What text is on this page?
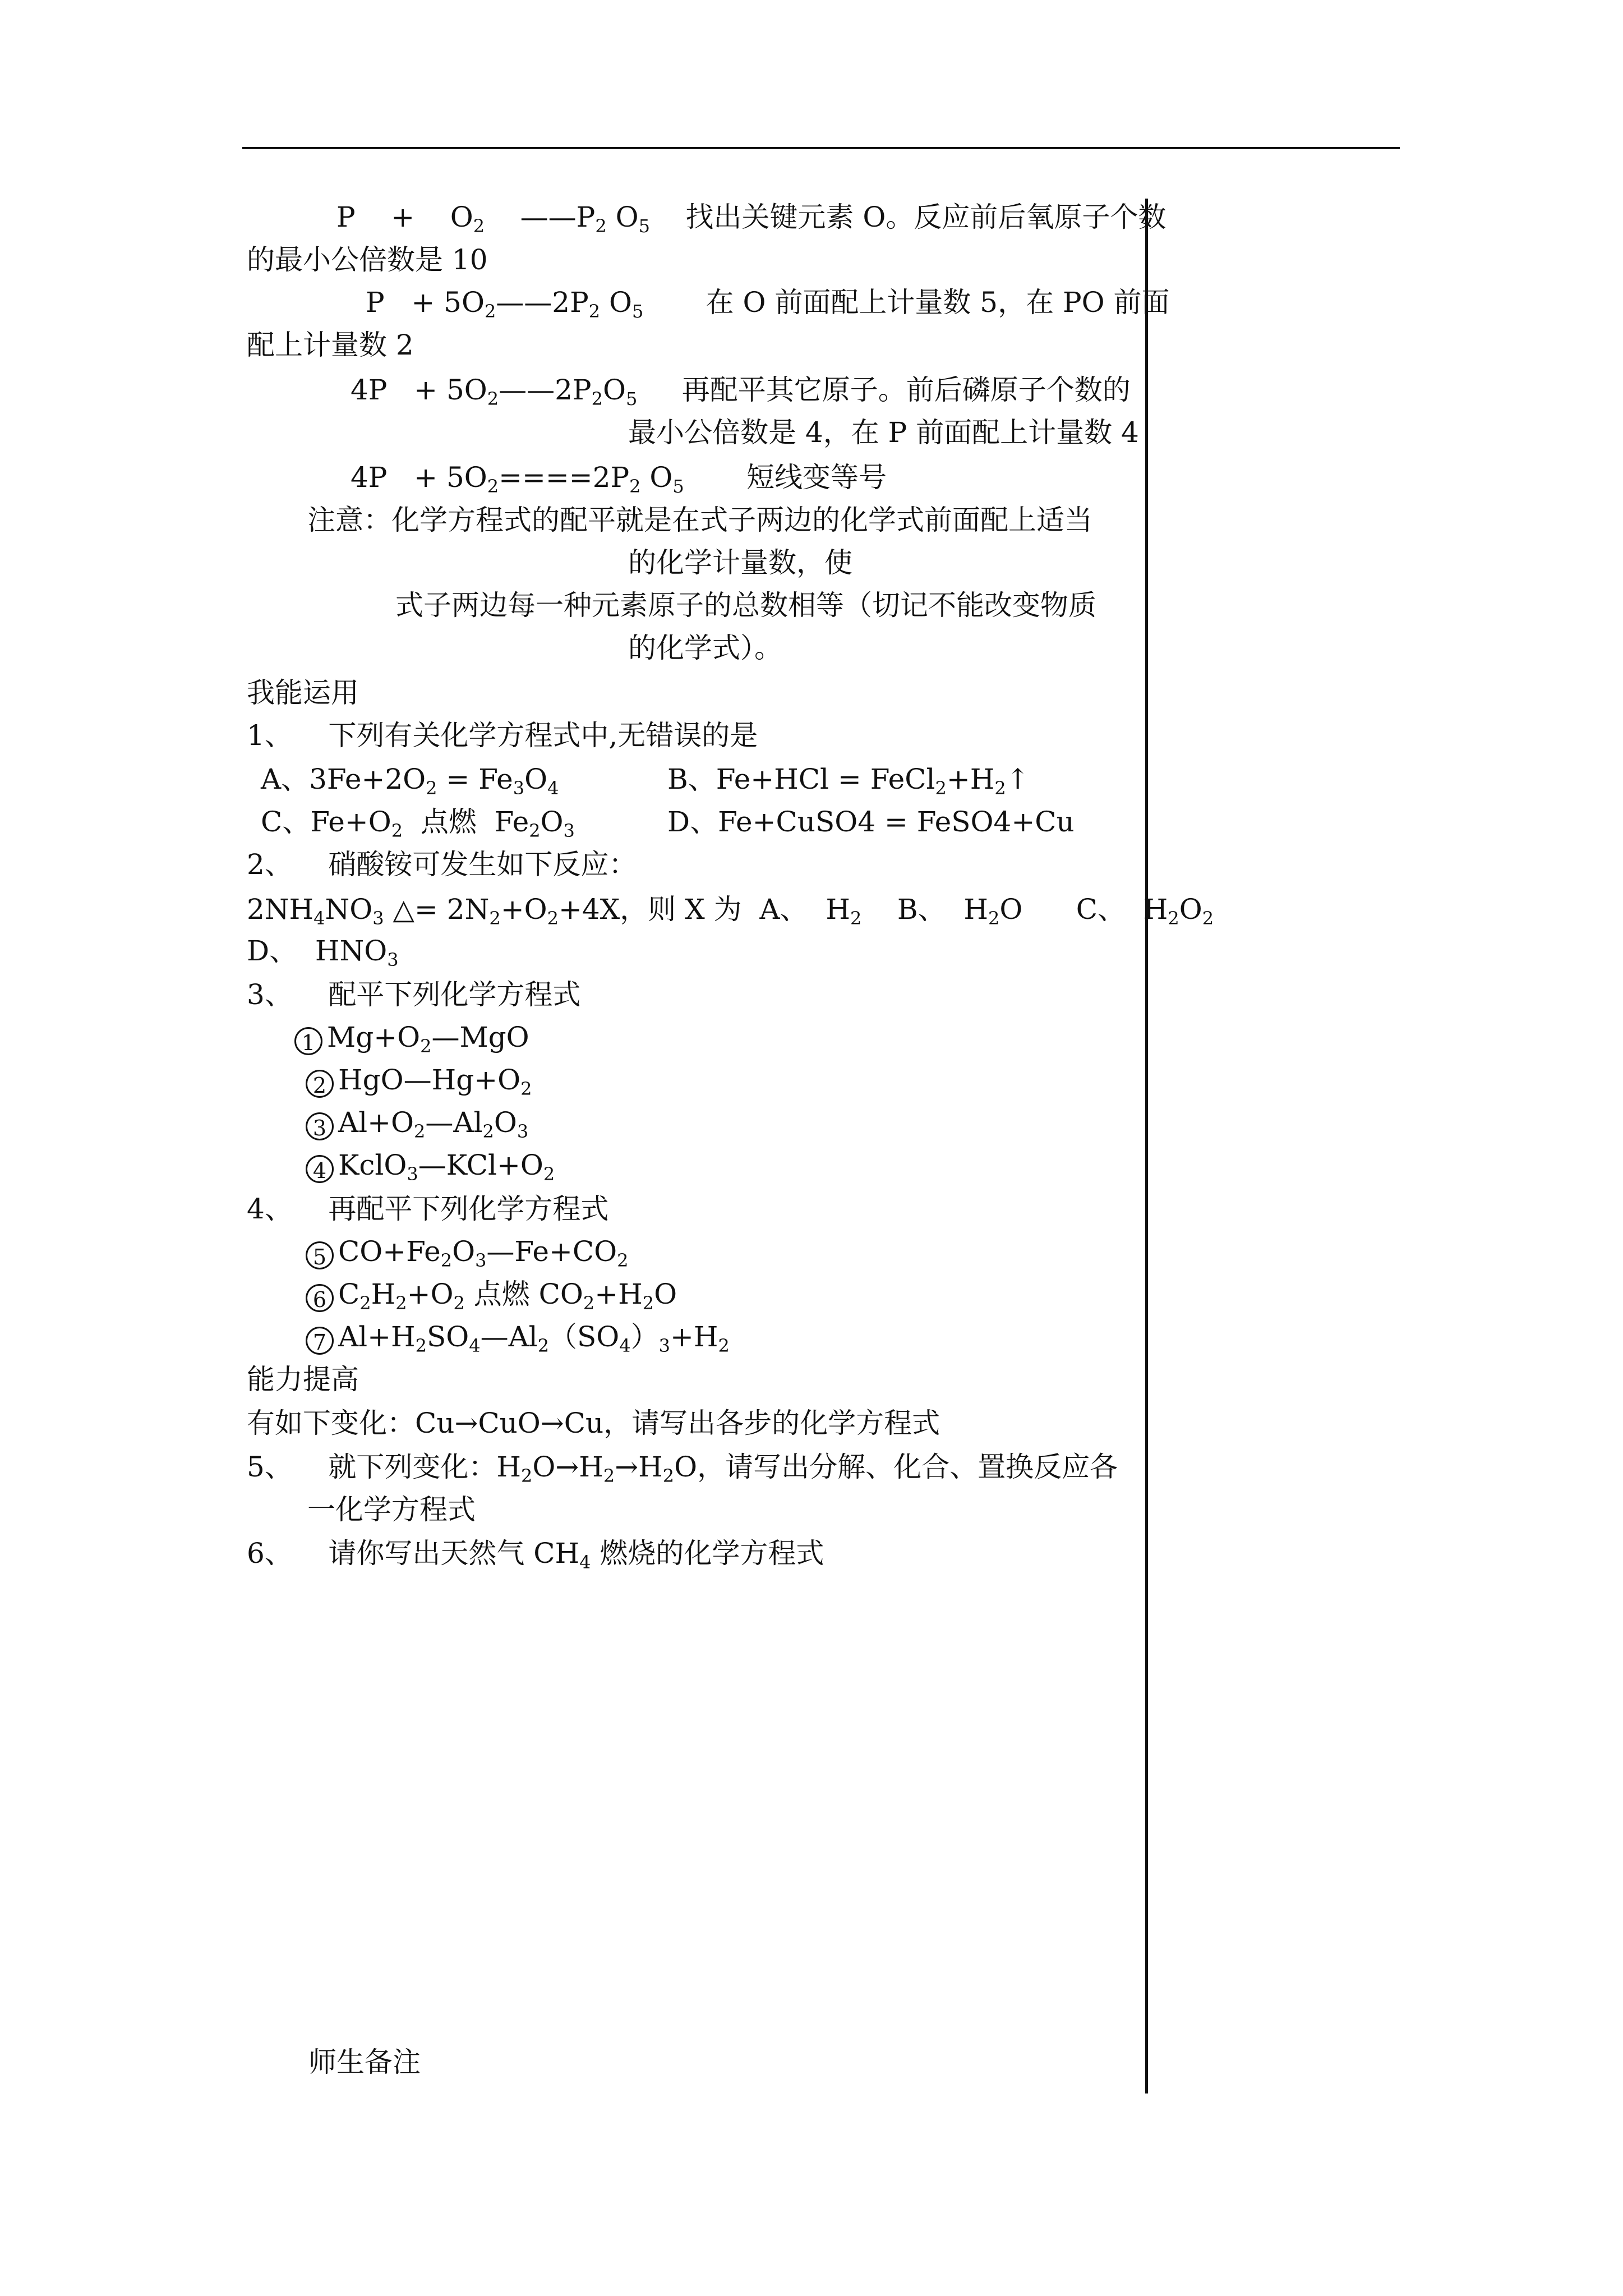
$P + O_2$ $——P_2$ $O_5$ 找出关键元素 O。反应前后氧原子个数
的最小公倍数是 10
$P + 5O_2——2P_2$ $O_5$ 在 O 前面配上计量数 5，在 PO 前面
配上计量数 2
$4P + 5O_2——2P_2O_5$ 再配平其它原子。前后磷原子个数的
最小公倍数是 4，在 P 前面配上计量数 4
$4P + 5O_2====2P_2$ $O_5$ 短线变等号
注意：化学方程式的配平就是在式子两边的化学式前面配上适当
的化学计量数，使
式子两边每一种元素原子的总数相等（切记不能改变物质
的化学式）。
我能运用
1、 下列有关化学方程式中,无错误的是
A、$3Fe+2O_2 = Fe_3O_4$	B、$Fe+HCl = FeCl_2+H_2↑$
C、$Fe+O_2$  点燃  $Fe_2O_3$	D、Fe+CuSO4 = FeSO4+Cu
2、 硝酸铵可发生如下反应：
$2NH_4NO_3$ △= $2N_2+O_2+4X$，则 X 为  A、  $H_2$    B、  $H_2O$      C、  $H_2O_2$
D、  $HNO_3$
3、 配平下列化学方程式
1 $Mg+O_2—MgO$
2 $HgO—Hg+O_2$
3 $Al+O_2—Al_2O_3$
4 $KclO_3—KCl+O_2$
4、 再配平下列化学方程式
5 $CO+Fe_2O_3—Fe+CO_2$
6 $C_2H_2+O_2$ 点燃 $CO_2+H_2O$
7 $Al+H_2SO_4—Al_2(SO_4)_3+H_2$
能力提高
有如下变化：Cu→CuO→Cu，请写出各步的化学方程式
5、 就下列变化：$H_2O\to H_2\to H_2O$，请写出分解、化合、置换反应各
一化学方程式
6、 请你写出天然气 $CH_4$ 燃烧的化学方程式
师生备注
